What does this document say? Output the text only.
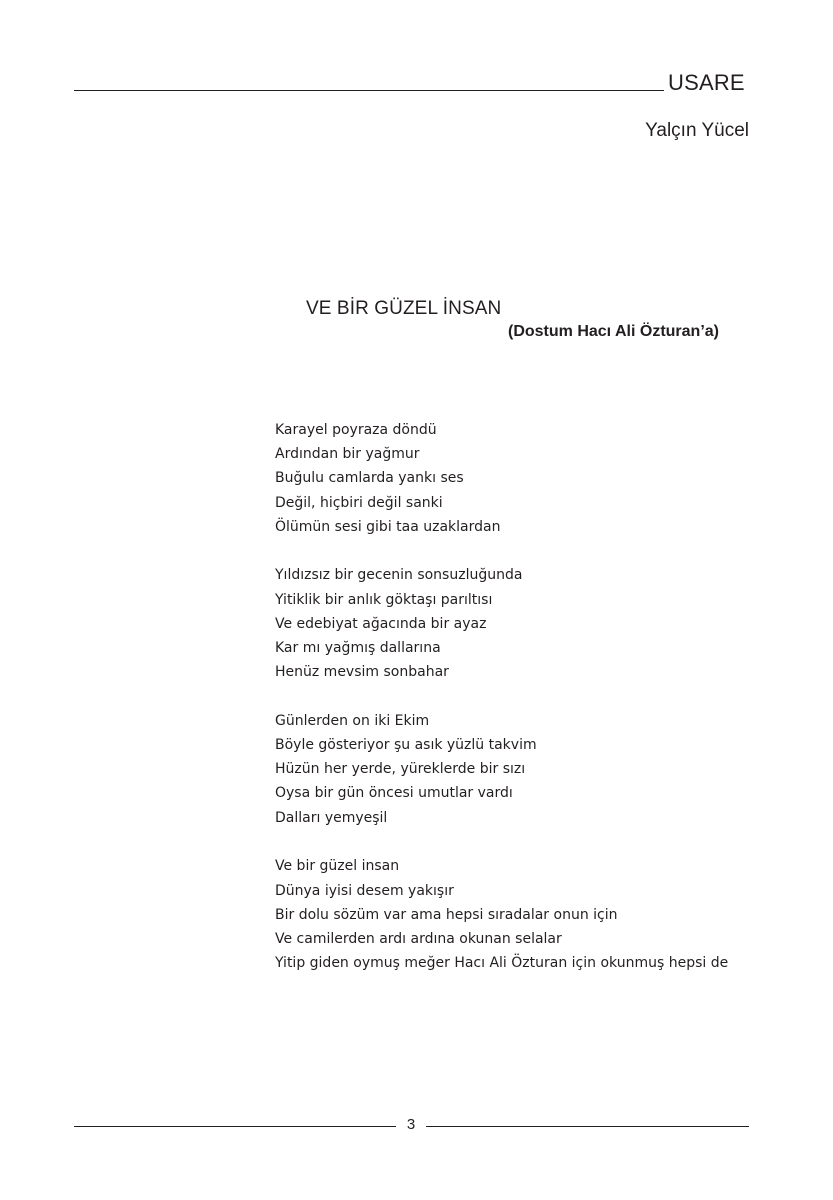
USARE
Yalçın Yücel
VE BİR GÜZEL İNSAN
(Dostum Hacı Ali Özturan’a)
Karayel poyraza döndü
Ardından bir yağmur
Buğulu camlarda yankı ses
Değil, hiçbiri değil sanki
Ölümün sesi gibi taa uzaklardan
Yıldızsız bir gecenin sonsuzluğunda
Yitiklik bir anlık göktaşı parıltısı
Ve edebiyat ağacında bir ayaz
Kar mı yağmış dallarına
Henüz mevsim sonbahar
Günlerden on iki Ekim
Böyle gösteriyor şu asık yüzlü takvim
Hüzün her yerde, yüreklerde bir sızı
Oysa bir gün öncesi umutlar vardı
Dalları yemyeşil
Ve bir güzel insan
Dünya iyisi desem yakışır
Bir dolu sözüm var ama hepsi sıradalar onun için
Ve camilerden ardı ardına okunan selalar
Yitip giden oymuş meğer Hacı Ali Özturan için okunmuş hepsi de
3
